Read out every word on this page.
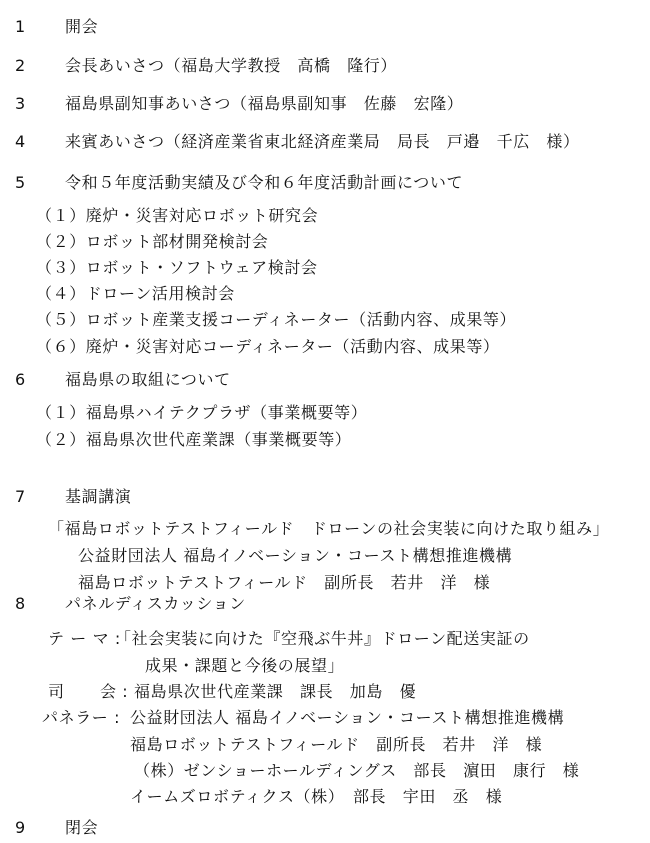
1 開会
2 会長あいさつ（福島大学教授　高橋　隆行）
3 福島県副知事あいさつ（福島県副知事　佐藤　宏隆）
4 来賓あいさつ（経済産業省東北経済産業局　局長　戸邉　千広　様）
5 令和５年度活動実績及び令和６年度活動計画について
（１）廃炉・災害対応ロボット研究会
（２）ロボット部材開発検討会
（３）ロボット・ソフトウェア検討会
（４）ドローン活用検討会
（５）ロボット産業支援コーディネーター（活動内容、成果等）
（６）廃炉・災害対応コーディネーター（活動内容、成果等）
6 福島県の取組について
（１）福島県ハイテクプラザ（事業概要等）
（２）福島県次世代産業課（事業概要等）
7 基調講演
「福島ロボットテストフィールド　ドローンの社会実装に向けた取り組み」
公益財団法人 福島イノベーション・コースト構想推進機構
福島ロボットテストフィールド　副所長　若井　洋　様
8 パネルディスカッション
テ ー マ :
「社会実装に向けた『空飛ぶ牛丼』ドローン配送実証の
成果・課題と今後の展望」
司 会 : 福島県次世代産業課　課長　加島　優
パネラー : 公益財団法人 福島イノベーション・コースト構想推進機構
福島ロボットテストフィールド　副所長　若井　洋　様
（株）ゼンショーホールディングス　部長　濵田　康行　様
イームズロボティクス（株）　部長　宇田　丞　様
9 閉会
